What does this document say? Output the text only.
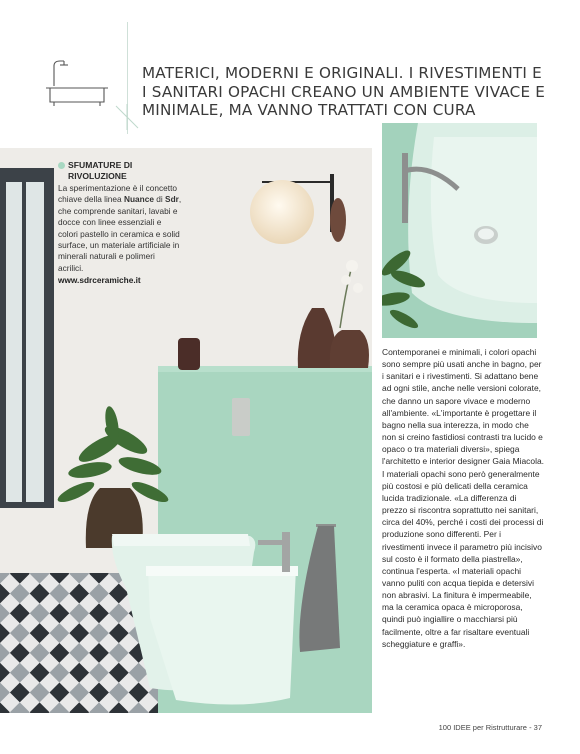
MATERICI, MODERNI E ORIGINALI. I RIVESTIMENTI E
I SANITARI OPACHI CREANO UN AMBIENTE VIVACE E
MINIMALE, MA VANNO TRATTATI CON CURA
SFUMATURE DI
RIVOLUZIONE
La sperimentazione è il concetto chiave della linea Nuance di Sdr, che comprende sanitari, lavabi e docce con linee essenziali e colori pastello in ceramica e solid surface, un materiale artificiale in minerali naturali e polimeri acrilici.
www.sdrceramiche.it

Contemporanei e minimali, i colori opachi sono sempre più usati anche in bagno, per i sanitari e i rivestimenti. Si adattano bene ad ogni stile, anche nelle versioni colorate, che danno un sapore vivace e moderno all'ambiente. «L'importante è progettare il bagno nella sua interezza, in modo che non si creino fastidiosi contrasti tra lucido e opaco o tra materiali diversi», spiega l'architetto e interior designer Gaia Miacola. I materiali opachi sono però generalmente più costosi e più delicati della ceramica lucida tradizionale. «La differenza di prezzo si riscontra soprattutto nei sanitari, circa del 40%, perché i costi dei processi di produzione sono differenti. Per i rivestimenti invece il parametro più incisivo sul costo è il formato della piastrella», continua l'esperta. «I materiali opachi vanno puliti con acqua tiepida e detersivi non abrasivi. La finitura è impermeabile, ma la ceramica opaca è microporosa, quindi può ingiallire o macchiarsi più facilmente, oltre a far risaltare eventuali scheggiature e graffi».

100 IDEE per Ristrutturare - 37
